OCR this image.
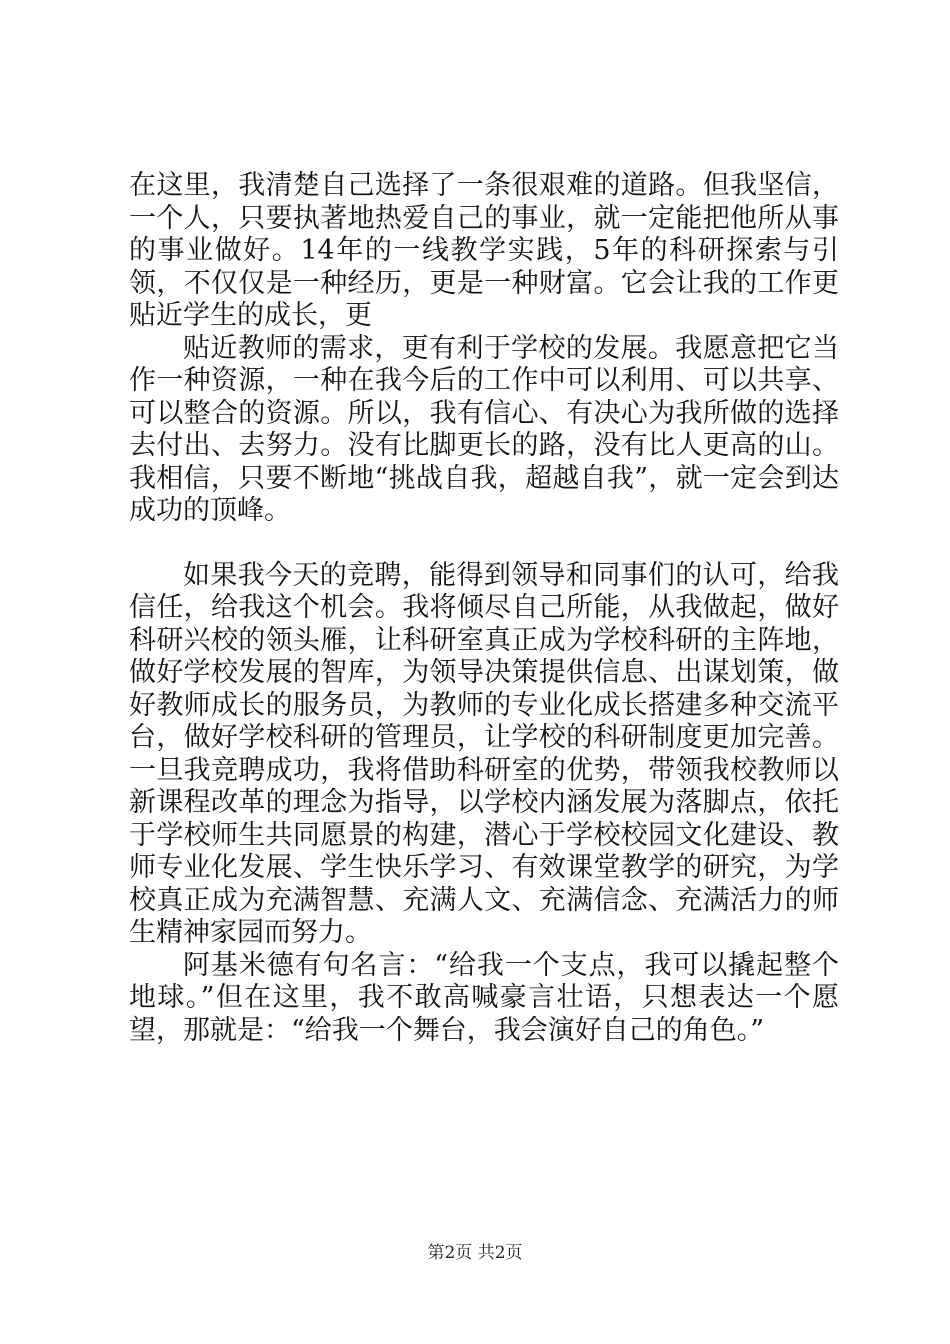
在这里，我清楚自己选择了一条很艰难的道路。但我坚信，一个人，只要执著地热爱自己的事业，就一定能把他所从事的事业做好。14年的一线教学实践，5年的科研探索与引领，不仅仅是一种经历，更是一种财富。它会让我的工作更贴近学生的成长，更

贴近教师的需求，更有利于学校的发展。我愿意把它当作一种资源，一种在我今后的工作中可以利用、可以共享、可以整合的资源。所以，我有信心、有决心为我所做的选择去付出、去努力。没有比脚更长的路，没有比人更高的山。我相信，只要不断地“挑战自我，超越自我”，就一定会到达成功的顶峰。

如果我今天的竞聘，能得到领导和同事们的认可，给我信任，给我这个机会。我将倾尽自己所能，从我做起，做好科研兴校的领头雁，让科研室真正成为学校科研的主阵地，做好学校发展的智库，为领导决策提供信息、出谋划策，做好教师成长的服务员，为教师的专业化成长搭建多种交流平台，做好学校科研的管理员，让学校的科研制度更加完善。一旦我竞聘成功，我将借助科研室的优势，带领我校教师以新课程改革的理念为指导，以学校内涵发展为落脚点，依托于学校师生共同愿景的构建，潜心于学校校园文化建设、教师专业化发展、学生快乐学习、有效课堂教学的研究，为学校真正成为充满智慧、充满人文、充满信念、充满活力的师生精神家园而努力。

阿基米德有句名言：“给我一个支点，我可以撬起整个地球。”但在这里，我不敢高喊豪言壮语，只想表达一个愿望，那就是：“给我一个舞台，我会演好自己的角色。”

第2页 共2页
